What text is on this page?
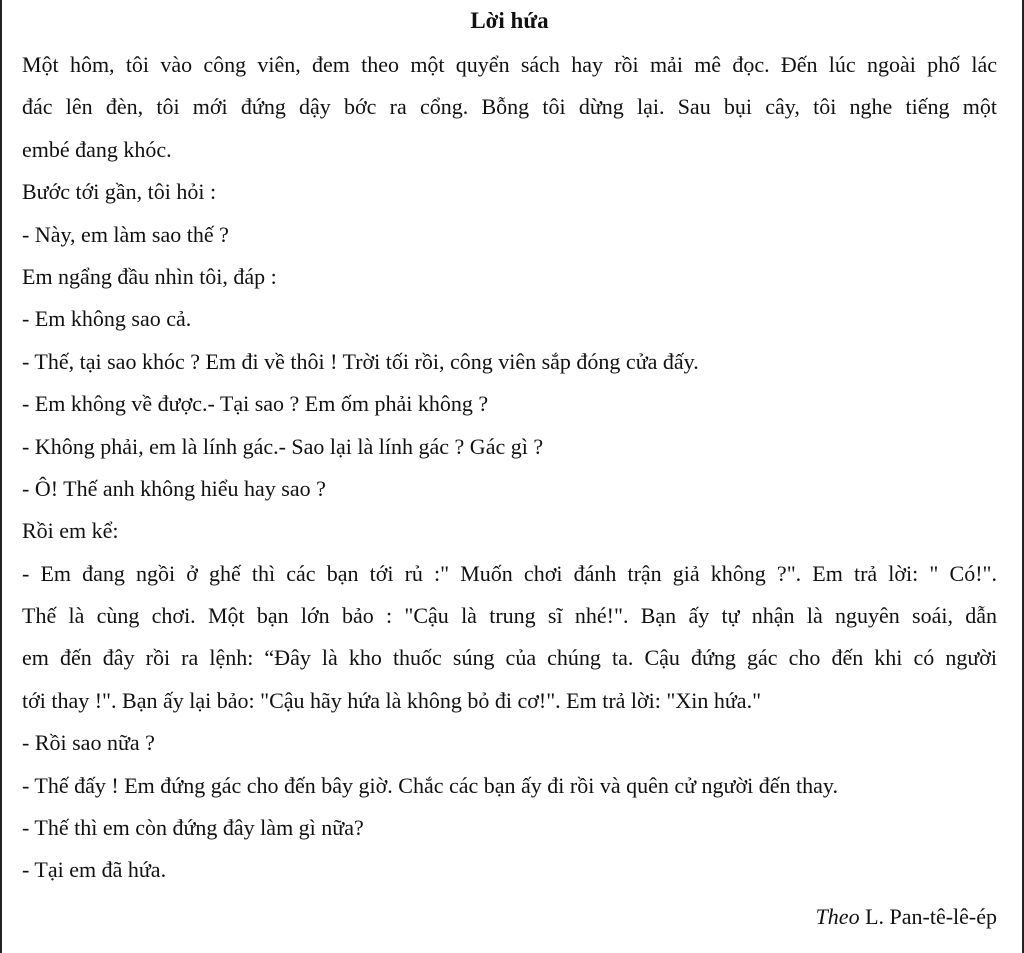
Lời hứa
Một hôm, tôi vào công viên, đem theo một quyển sách hay rồi mải mê đọc. Đến lúc ngoài phố lác
đác lên đèn, tôi mới đứng dậy bớc ra cổng. Bỗng tôi dừng lại. Sau bụi cây, tôi nghe tiếng một
embé đang khóc.
Bước tới gần, tôi hỏi :
- Này, em làm sao thế ?
Em ngẩng đầu nhìn tôi, đáp :
- Em không sao cả.
- Thế, tại sao khóc ? Em đi về thôi ! Trời tối rồi, công viên sắp đóng cửa đấy.
- Em không về được.- Tại sao ? Em ốm phải không ?
- Không phải, em là lính gác.- Sao lại là lính gác ? Gác gì ?
- Ô! Thế anh không hiểu hay sao ?
Rồi em kể:
- Em đang ngồi ở ghế thì các bạn tới rủ :" Muốn chơi đánh trận giả không ?". Em trả lời: " Có!".
Thế là cùng chơi. Một bạn lớn bảo : "Cậu là trung sĩ nhé!". Bạn ấy tự nhận là nguyên soái, dẫn
em đến đây rồi ra lệnh: “Đây là kho thuốc súng của chúng ta. Cậu đứng gác cho đến khi có người
tới thay !". Bạn ấy lại bảo: "Cậu hãy hứa là không bỏ đi cơ!". Em trả lời: "Xin hứa."
- Rồi sao nữa ?
- Thế đấy ! Em đứng gác cho đến bây giờ. Chắc các bạn ấy đi rồi và quên cử người đến thay.
- Thế thì em còn đứng đây làm gì nữa?
- Tại em đã hứa.
Theo L. Pan-tê-lê-ép
